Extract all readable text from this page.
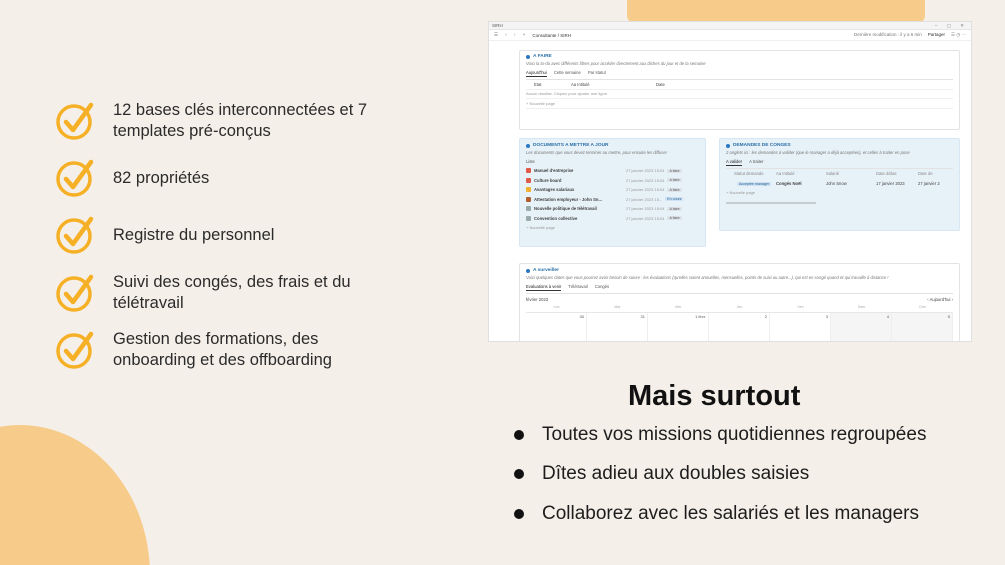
12 bases clés interconnectées et 7
templates pré-conçus
82 propriétés
Registre du personnel
Suivi des congés, des frais et du
télétravail
Gestion des formations, des
onboarding et des offboarding
SIRH	– ▢ ✕
☰ ‹ › + Consultante / SIRH	Dernière modification : il y a 6 min Partager ☰ ◷ ⋯
A FAIRE
Voici la to-do avec différents filtres pour accéder directement aux tâches du jour et de la semaine
Aujourd'hui Cette semaine Par statut
Etat	Aa Intitulé	Date
Aucun résultat. Cliquez pour ajouter une ligne.
+ Nouvelle page
DOCUMENTS A METTRE A JOUR
Les documents que vous devez terminer ou mettre, pour ensuite les diffuser
Liste
Manuel d'entreprise	27 janvier 2023 15:04	A faire
Culture board	27 janvier 2023 15:04	A faire
Avantages salariaux	27 janvier 2023 15:04	A faire
Attestation employeur - John Sn...	27 janvier 2023 15...	En cours
Nouvelle politique de télétravail	27 janvier 2023 15:04	A faire
Convention collective	27 janvier 2023 15:04	A faire
+ Nouvelle page
DEMANDES DE CONGES
2 onglets ici : les demandes à valider (que le manager a déjà acceptées), et celles à traiter en pose
A valider A traiter
Statut demande	Aa Intitulé	Salarié	Date début	Date de
Acceptée manager	Congés Noël	John Snow	17 janvier 2023	27 janvier 2
+ Nouvelle page
A surveiller
Voici quelques dates que vous pourrez avoir besoin de suivre : les évaluations (qu'elles soient annuelles, mensuelles, points de suivi ou autre...), qui est en congé quand et qui travaille à distance !
Evaluations à venir Télétravail Congés
février 2023	‹ Aujourd'hui ›
Lun	Mar	Mer	Jeu	Ven	Sam	Dim
30	31	1 févr.	2	3	4	5
Mais surtout
Toutes vos missions quotidiennes regroupées
Dîtes adieu aux doubles saisies
Collaborez avec les salariés et les managers
